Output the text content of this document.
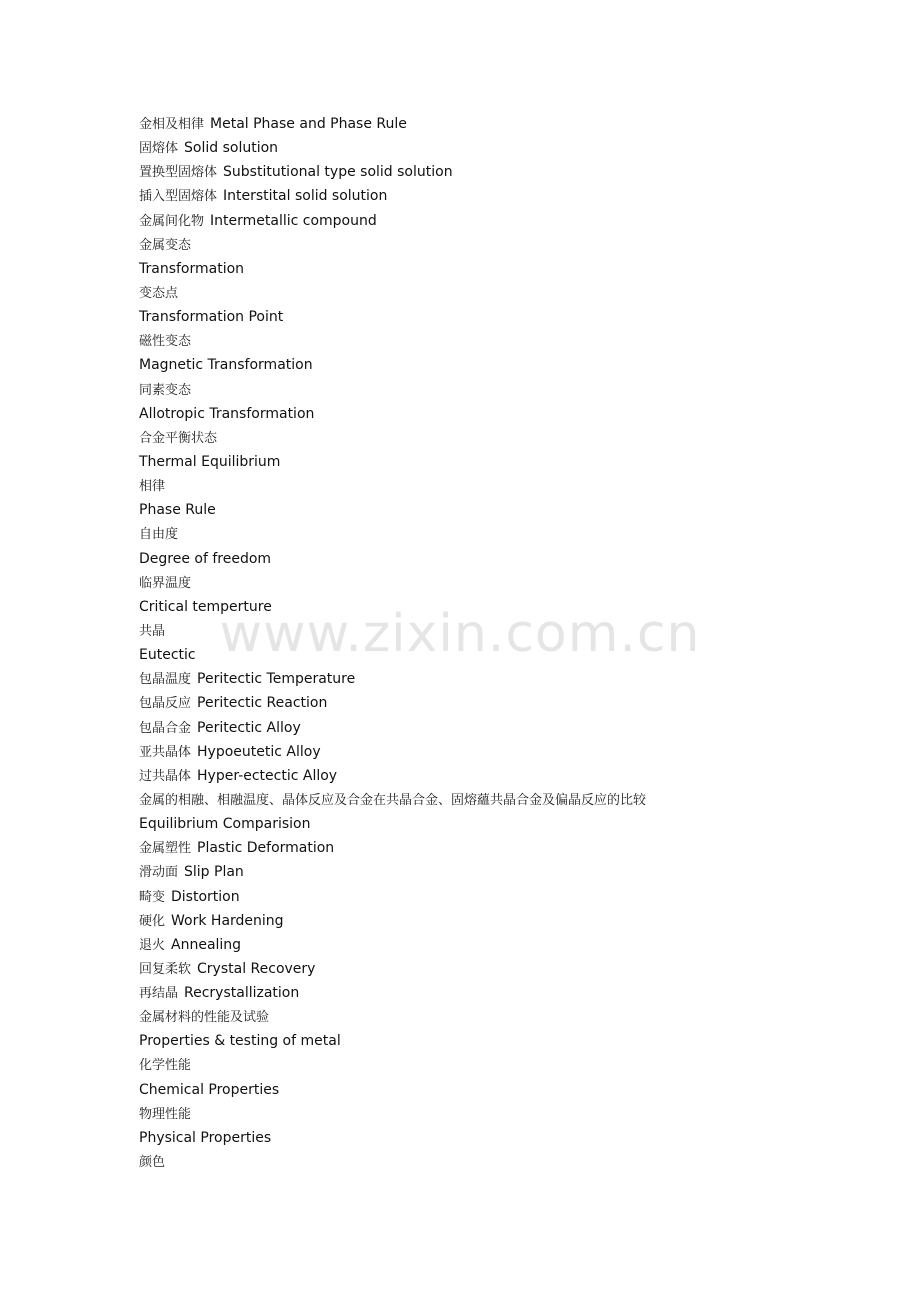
金相及相律 Metal Phase and Phase Rule
固熔体 Solid solution
置换型固熔体 Substitutional type solid solution
插入型固熔体 Interstital solid solution
金属间化物 Intermetallic compound
金属变态
Transformation
变态点
Transformation Point
磁性变态
Magnetic Transformation
同素变态
Allotropic Transformation
合金平衡状态
Thermal Equilibrium
相律
Phase Rule
自由度
Degree of freedom
临界温度
Critical temperture
共晶
Eutectic
包晶温度 Peritectic Temperature
包晶反应 Peritectic Reaction
包晶合金 Peritectic Alloy
亚共晶体 Hypoeutetic Alloy
过共晶体 Hyper-ectectic Alloy
金属的相融、相融温度、晶体反应及合金在共晶合金、固熔蘊共晶合金及偏晶反应的比较
Equilibrium Comparision
金属塑性 Plastic Deformation
滑动面 Slip Plan
畸变 Distortion
硬化 Work Hardening
退火 Annealing
回复柔软 Crystal Recovery
再结晶 Recrystallization
金属材料的性能及试验
Properties & testing of metal
化学性能
Chemical Properties
物理性能
Physical Properties
颜色
www.zixin.com.cn
